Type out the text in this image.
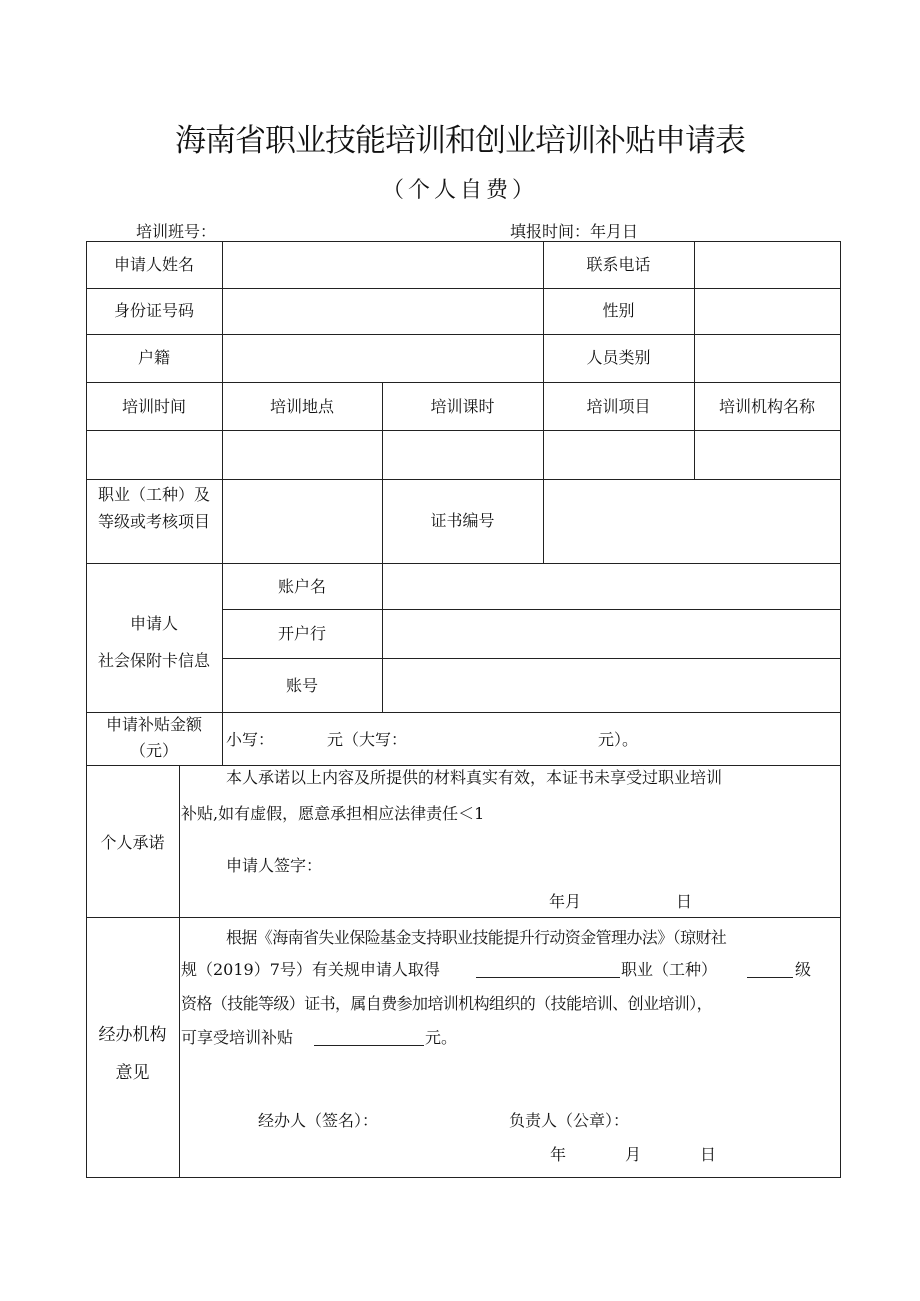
海南省职业技能培训和创业培训补贴申请表
（个人自费）
培训班号：	填报时间：年月日
申请人姓名	联系电话
身份证号码	性别
户籍	人员类别
培训时间	培训地点	培训课时	培训项目	培训机构名称
职业（工种）及
等级或考核项目	证书编号
申请人
社会保附卡信息
账户名
开户行
账号
申请补贴金额
（元）
小写：	元（大写：	元）。
个人承诺
本人承诺以上内容及所提供的材料真实有效，本证书未享受过职业培训
补贴,如有虚假，愿意承担相应法律责任＜1
申请人签字：
年月	日
经办机构
意见
根据《海南省失业保险基金支持职业技能提升行动资金管理办法》（琼财社
规（2019）7号）有关规申请人取得	职业（工种）	级
资格（技能等级）证书，属自费参加培训机构组织的（技能培训、创业培训），
可享受培训补贴	元。
经办人（签名）：	负责人（公章）：
年	月	日
